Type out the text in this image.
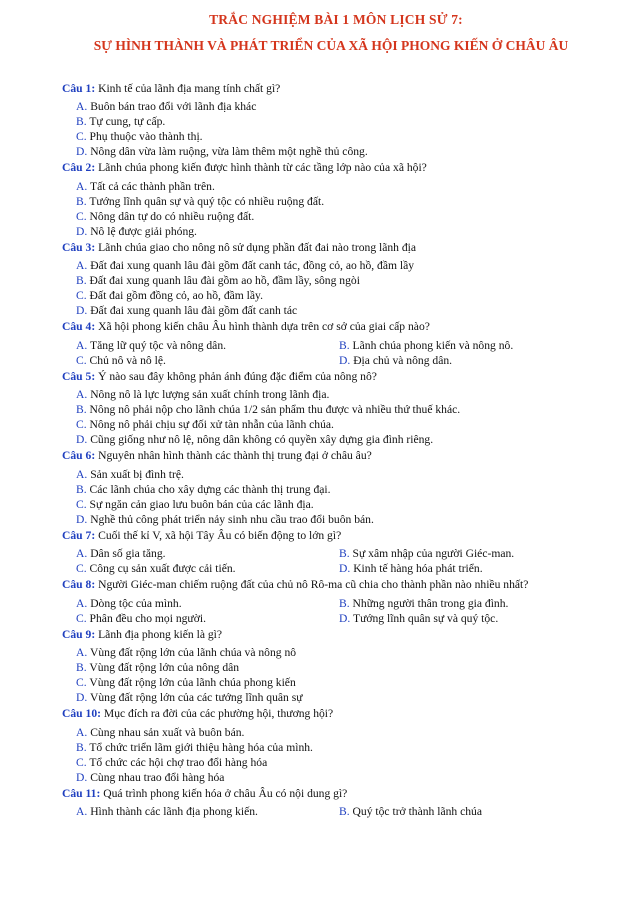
TRẮC NGHIỆM BÀI 1 MÔN LỊCH SỬ 7:
SỰ HÌNH THÀNH VÀ PHÁT TRIỂN CỦA XÃ HỘI PHONG KIẾN Ở CHÂU ÂU
Câu 1: Kinh tế của lãnh địa mang tính chất gì?
A. Buôn bán trao đổi với lãnh địa khác
B. Tự cung, tự cấp.
C. Phụ thuộc vào thành thị.
D. Nông dân vừa làm ruộng, vừa làm thêm một nghề thủ công.
Câu 2: Lãnh chúa phong kiến được hình thành từ các tầng lớp nào của xã hội?
A. Tất cả các thành phần trên.
B. Tướng lĩnh quân sự và quý tộc có nhiều ruộng đất.
C. Nông dân tự do có nhiều ruộng đất.
D. Nô lệ được giải phóng.
Câu 3: Lãnh chúa giao cho nông nô sử dụng phần đất đai nào trong lãnh địa
A. Đất đai xung quanh lâu đài gồm đất canh tác, đồng cỏ, ao hồ, đầm lầy
B. Đất đai xung quanh lâu đài gồm ao hồ, đầm lầy, sông ngòi
C. Đất đai gồm đồng cỏ, ao hồ, đầm lầy.
D. Đất đai xung quanh lâu đài gồm đất canh tác
Câu 4: Xã hội phong kiến châu Âu hình thành dựa trên cơ sở của giai cấp nào?
A. Tăng lữ quý tộc và nông dân.	B. Lãnh chúa phong kiến và nông nô.
C. Chủ nô và nô lệ.	D. Địa chủ và nông dân.
Câu 5: Ý nào sau đây không phản ánh đúng đặc điểm của nông nô?
A. Nông nô là lực lượng sản xuất chính trong lãnh địa.
B. Nông nô phải nộp cho lãnh chúa 1/2 sản phẩm thu được và nhiều thứ thuế khác.
C. Nông nô phải chịu sự đối xử tàn nhẫn của lãnh chúa.
D. Cũng giống như nô lệ, nông dân không có quyền xây dựng gia đình riêng.
Câu 6: Nguyên nhân hình thành các thành thị trung đại ở châu âu?
A. Sản xuất bị đình trệ.
B. Các lãnh chúa cho xây dựng các thành thị trung đại.
C. Sự ngăn cản giao lưu buôn bán của các lãnh địa.
D. Nghề thủ công phát triển nảy sinh nhu cầu trao đổi buôn bán.
Câu 7: Cuối thế kỉ V, xã hội Tây Âu có biến động to lớn gì?
A. Dân số gia tăng.	B. Sự xâm nhập của người Giéc-man.
C. Công cụ sản xuất được cải tiến.	D. Kinh tế hàng hóa phát triển.
Câu 8: Người Giéc-man chiếm ruộng đất của chủ nô Rô-ma cũ chia cho thành phần nào nhiều nhất?
A. Dòng tộc của mình.	B. Những người thân trong gia đình.
C. Phân đều cho mọi người.	D. Tướng lĩnh quân sự và quý tộc.
Câu 9: Lãnh địa phong kiến là gì?
A. Vùng đất rộng lớn của lãnh chúa và nông nô
B. Vùng đất rộng lớn của nông dân
C. Vùng đất rộng lớn của lãnh chúa phong kiến
D. Vùng đất rộng lớn của các tướng lĩnh quân sự
Câu 10: Mục đích ra đời của các phường hội, thương hội?
A. Cùng nhau sản xuất và buôn bán.
B. Tổ chức triển lãm giới thiệu hàng hóa của mình.
C. Tổ chức các hội chợ trao đổi hàng hóa
D. Cùng nhau trao đổi hàng hóa
Câu 11: Quá trình phong kiến hóa ở châu Âu có nội dung gì?
A. Hình thành các lãnh địa phong kiến.	B. Quý tộc trở thành lãnh chúa
